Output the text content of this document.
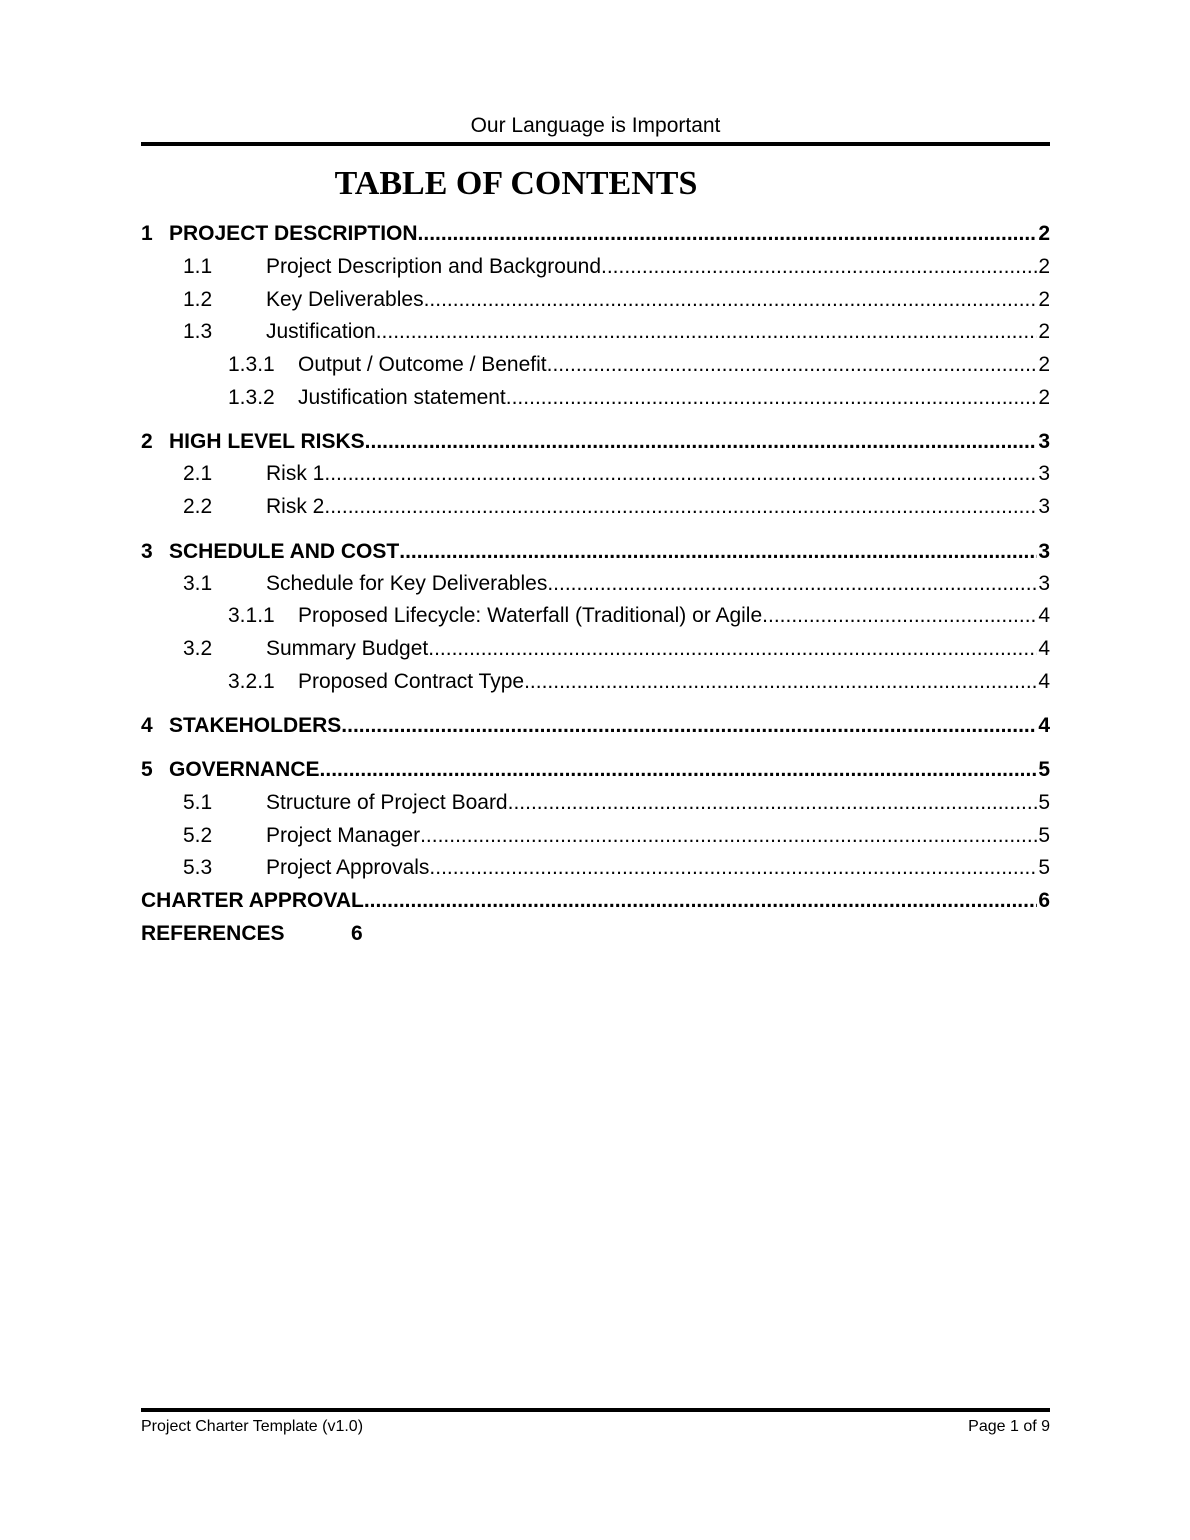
Our Language is Important
TABLE OF CONTENTS
1 PROJECT DESCRIPTION .....	2
1.1	Project Description and Background .....	2
1.2	Key Deliverables .....	2
1.3	Justification .....	2
1.3.1 Output / Outcome / Benefit .....	2
1.3.2 Justification statement .....	2
2 HIGH LEVEL RISKS .....	3
2.1	Risk 1 .....	3
2.2	Risk 2 .....	3
3 SCHEDULE AND COST .....	3
3.1	Schedule for Key Deliverables .....	3
3.1.1 Proposed Lifecycle: Waterfall (Traditional) or Agile .....	4
3.2	Summary Budget .....	4
3.2.1 Proposed Contract Type .....	4
4 STAKEHOLDERS .....	4
5 GOVERNANCE .....	5
5.1	Structure of Project Board .....	5
5.2	Project Manager .....	5
5.3	Project Approvals .....	5
CHARTER APPROVAL .....	6
REFERENCES	6
Project Charter Template (v1.0)	Page 1 of 9
